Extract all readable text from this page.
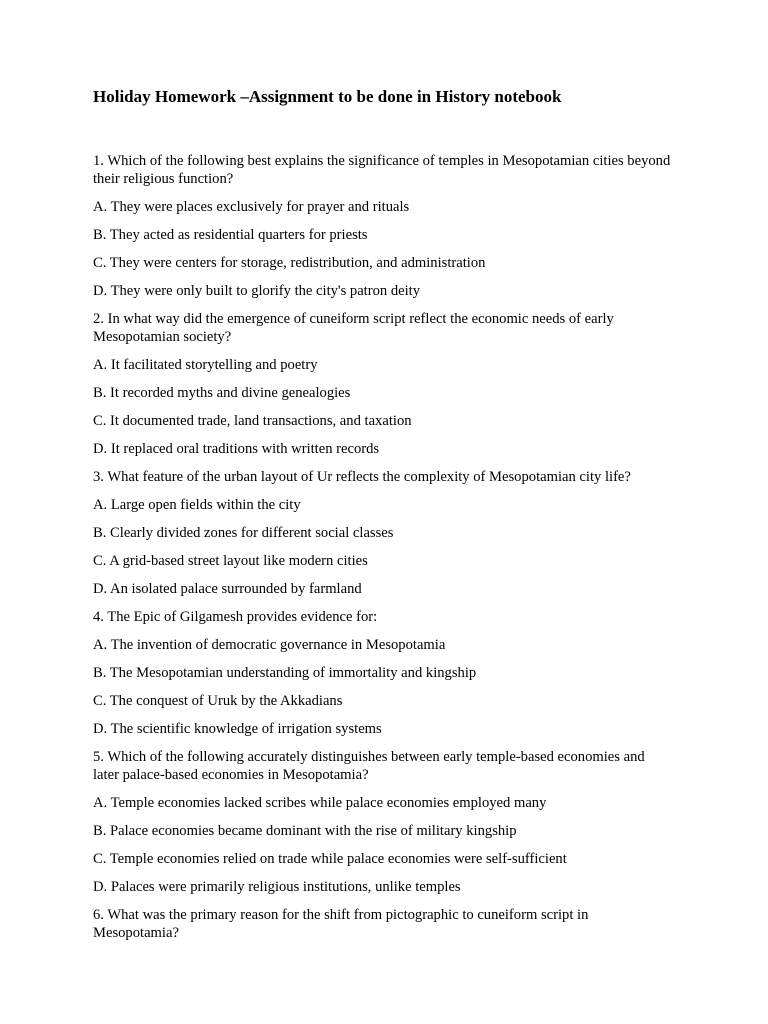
Holiday Homework –Assignment to be done in History notebook
1. Which of the following best explains the significance of temples in Mesopotamian cities beyond their religious function?
A. They were places exclusively for prayer and rituals
B. They acted as residential quarters for priests
C. They were centers for storage, redistribution, and administration
D. They were only built to glorify the city's patron deity
2. In what way did the emergence of cuneiform script reflect the economic needs of early Mesopotamian society?
A. It facilitated storytelling and poetry
B. It recorded myths and divine genealogies
C. It documented trade, land transactions, and taxation
D. It replaced oral traditions with written records
3. What feature of the urban layout of Ur reflects the complexity of Mesopotamian city life?
A. Large open fields within the city
B. Clearly divided zones for different social classes
C. A grid-based street layout like modern cities
D. An isolated palace surrounded by farmland
4. The Epic of Gilgamesh provides evidence for:
A. The invention of democratic governance in Mesopotamia
B. The Mesopotamian understanding of immortality and kingship
C. The conquest of Uruk by the Akkadians
D. The scientific knowledge of irrigation systems
5. Which of the following accurately distinguishes between early temple-based economies and later palace-based economies in Mesopotamia?
A. Temple economies lacked scribes while palace economies employed many
B. Palace economies became dominant with the rise of military kingship
C. Temple economies relied on trade while palace economies were self-sufficient
D. Palaces were primarily religious institutions, unlike temples
6. What was the primary reason for the shift from pictographic to cuneiform script in Mesopotamia?
